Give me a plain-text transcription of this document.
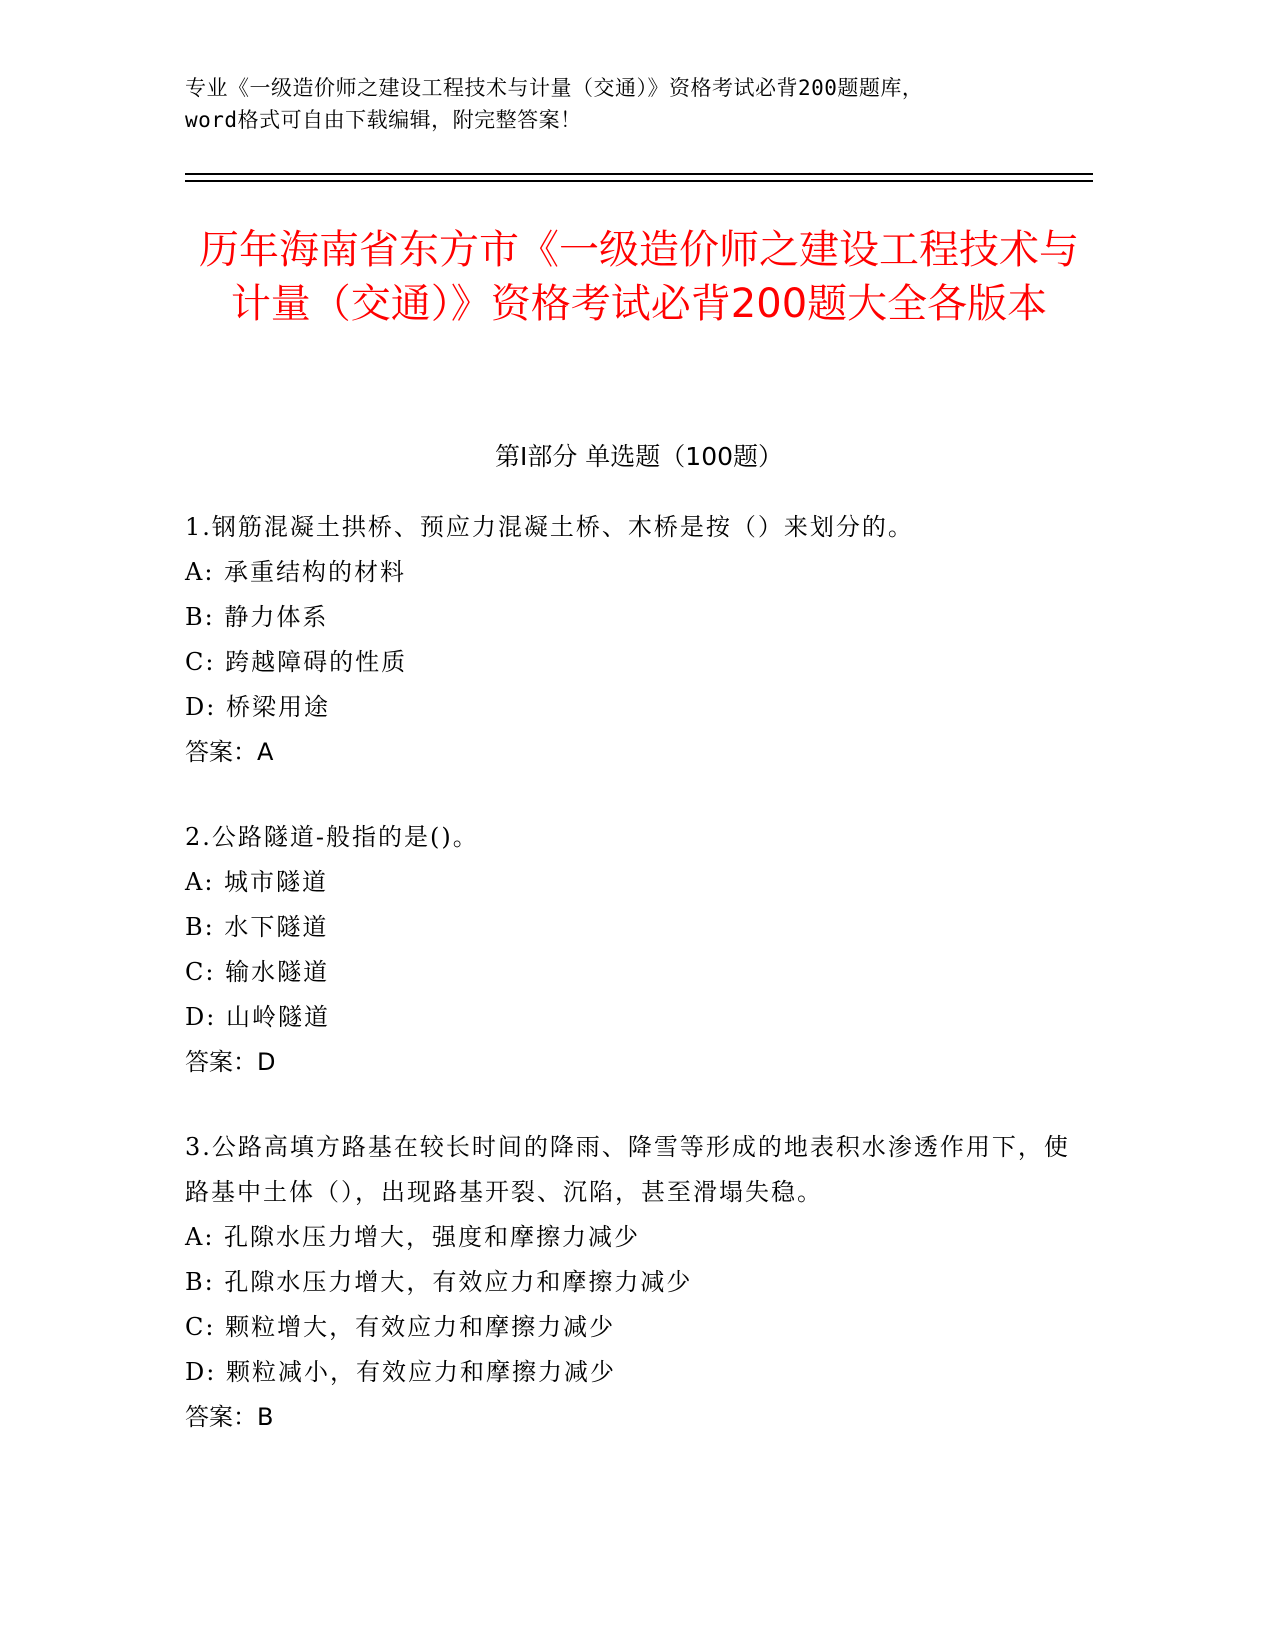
专业《一级造价师之建设工程技术与计量（交通）》资格考试必背200题题库，
word格式可自由下载编辑，附完整答案！
历年海南省东方市《一级造价师之建设工程技术与计量（交通）》资格考试必背200题大全各版本
第I部分 单选题（100题）
1.钢筋混凝土拱桥、预应力混凝土桥、木桥是按（）来划分的。
A: 承重结构的材料
B: 静力体系
C: 跨越障碍的性质
D: 桥梁用途
答案：A
2.公路隧道-般指的是()。
A: 城市隧道
B: 水下隧道
C: 输水隧道
D: 山岭隧道
答案：D
3.公路高填方路基在较长时间的降雨、降雪等形成的地表积水渗透作用下，使路基中土体（），出现路基开裂、沉陷，甚至滑塌失稳。
A: 孔隙水压力增大，强度和摩擦力减少
B: 孔隙水压力增大，有效应力和摩擦力减少
C: 颗粒增大，有效应力和摩擦力减少
D: 颗粒减小，有效应力和摩擦力减少
答案：B
